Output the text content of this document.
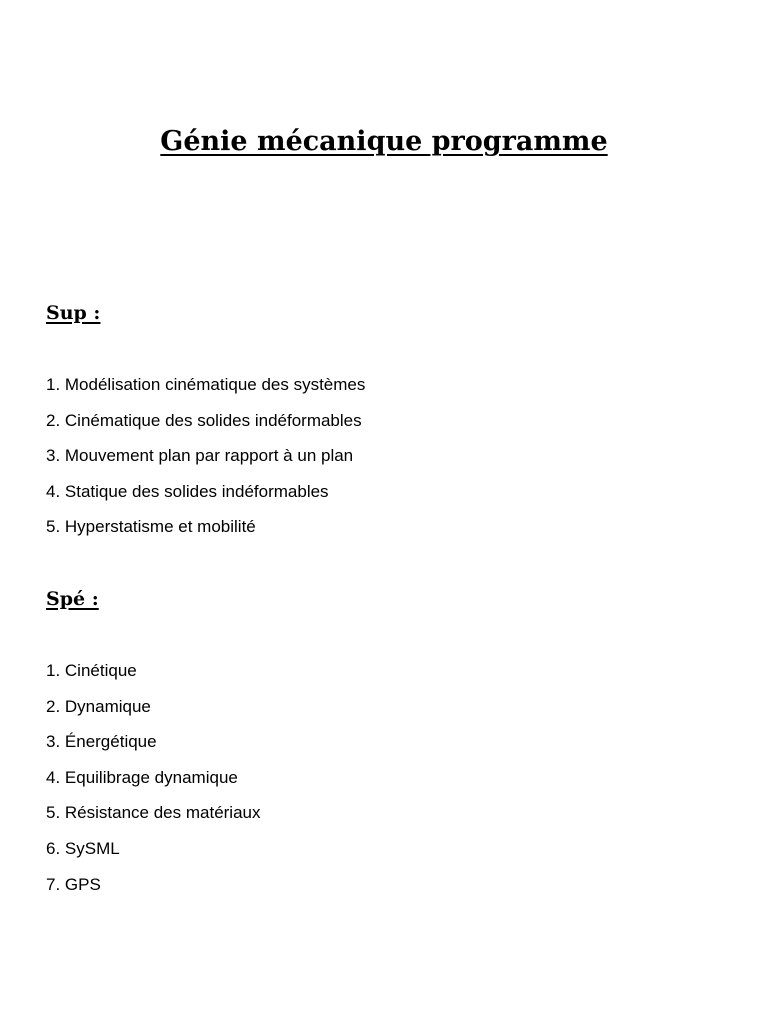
Génie mécanique programme
Sup :
1. Modélisation cinématique des systèmes
2. Cinématique des solides indéformables
3. Mouvement plan par rapport à un plan
4. Statique des solides indéformables
5. Hyperstatisme et mobilité
Spé :
1. Cinétique
2. Dynamique
3. Énergétique
4. Equilibrage dynamique
5. Résistance des matériaux
6. SySML
7. GPS
